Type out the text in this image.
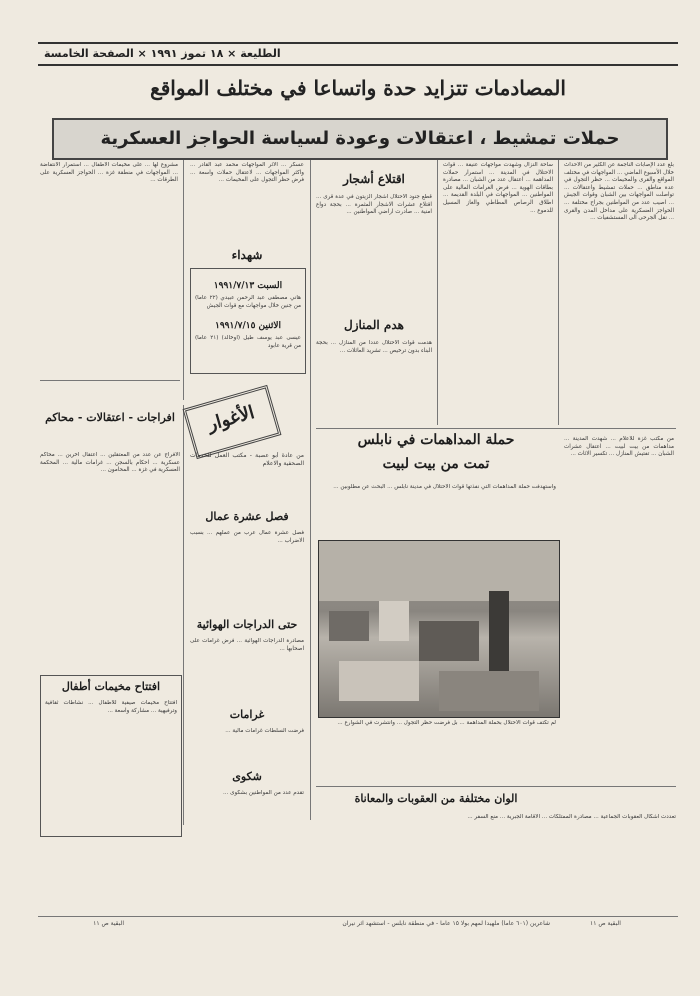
الطليعة × ١٨ تموز ١٩٩١ × الصفحة الخامسة
المصادمات تتزايد حدة واتساعا في مختلف المواقع
حملات تمشيط ، اعتقالات وعودة لسياسة الحواجز العسكرية
بلغ عدد الإصابات الناجمة عن الكثير من الأحداث خلال الأسبوع الماضي ... المواجهات في مختلف المواقع والقرى والمخيمات ... حظر التجول في عدة مناطق ... حملات تمشيط واعتقالات ... تواصلت المواجهات بين الشبان وقوات الجيش ... اصيب عدد من المواطنين بجراح مختلفة ... الحواجز العسكرية على مداخل المدن والقرى ... نقل الجرحى الى المستشفيات ...
ساحة النزال وشهدت مواجهات عنيفة ... قوات الاحتلال في المدينة ... استمرار حملات المداهمة ... اعتقال عدد من الشبان ... مصادرة بطاقات الهوية ... فرض الغرامات المالية على المواطنين ... المواجهات في البلدة القديمة ... اطلاق الرصاص المطاطي والغاز المسيل للدموع ...
اقتلاع أشجار
قطع جنود الاحتلال اشجار الزيتون في عدة قرى ... اقتلاع عشرات الاشجار المثمرة ... بحجة دواع امنية ... صادرت اراضي المواطنين ...
هدم المنازل
هدمت قوات الاحتلال عددا من المنازل ... بحجة البناء بدون ترخيص ... تشريد العائلات ...
عسكر ... الاثر المواجهات محمد عبد القادر ... واكثر المواجهات ... لاعتقال حملات واسعة ... فرض حظر التجول على المخيمات ...
شهداء
السبت ١٩٩١/٧/١٣
هاني مصطفى عبد الرحمن عبيدي (٢٢ عاما) من جنين خلال مواجهات مع قوات الجيش
الاثنين ١٩٩١/٧/١٥
عيسى عبد يوسف طيل (أوخالد) (٢١ عاما) من قرية عابود
مشروع لها ... على مخيمات الاطفال ... استمرار الانتفاضة ... المواجهات في منطقة غزة ... الحواجز العسكرية على الطرقات ...
افراجات - اعتقالات - محاكم
الافراج عن عدد من المعتقلين ... اعتقال آخرين ... محاكم عسكرية ... احكام بالسجن ... غرامات مالية ... المحكمة العسكرية في غزة ... المحامون ...
افتتاح مخيمات أطفال
افتتاح مخيمات صيفية للاطفال ... نشاطات ثقافية وترفيهية ... مشاركة واسعة ...
الأغوار
من عادة أبو عصبة - مكتب العمل للخدمات الصحفية والاعلام
فصل عشرة عمال
فصل عشرة عمال عرب من عملهم ... بسبب الاضراب ...
حتى الدراجات الهوائية
مصادرة الدراجات الهوائية ... فرض غرامات على اصحابها ...
غرامات
فرضت السلطات غرامات مالية ...
شكوى
تقدم عدد من المواطنين بشكوى ...
حملة المداهمات في نابلس
تمت من بيت لبيت
واستهدفت حملة المداهمات التي نفذتها قوات الاحتلال في مدينة نابلس ... البحث عن مطلوبين ...
من مكتب غزة للاعلام ... شهدت المدينة ... مداهمات من بيت لبيت ... اعتقال عشرات الشبان ... تفتيش المنازل ... تكسير الاثاث ...
لم تكتف قوات الاحتلال بحملة المداهمة ... بل فرضت حظر التجول ... وانتشرت في الشوارع ...
الوان مختلفة من العقوبات والمعاناة
تعددت اشكال العقوبات الجماعية ... مصادرة الممتلكات ... الاقامة الجبرية ... منع السفر ...
البقية ص ١١	شاعرين (٦٠١ عاما) ملهيدا لمهم بولا ١٥ عاما - في منطقة نابلس - استشهد اثر نيران	البقية ص ١١
